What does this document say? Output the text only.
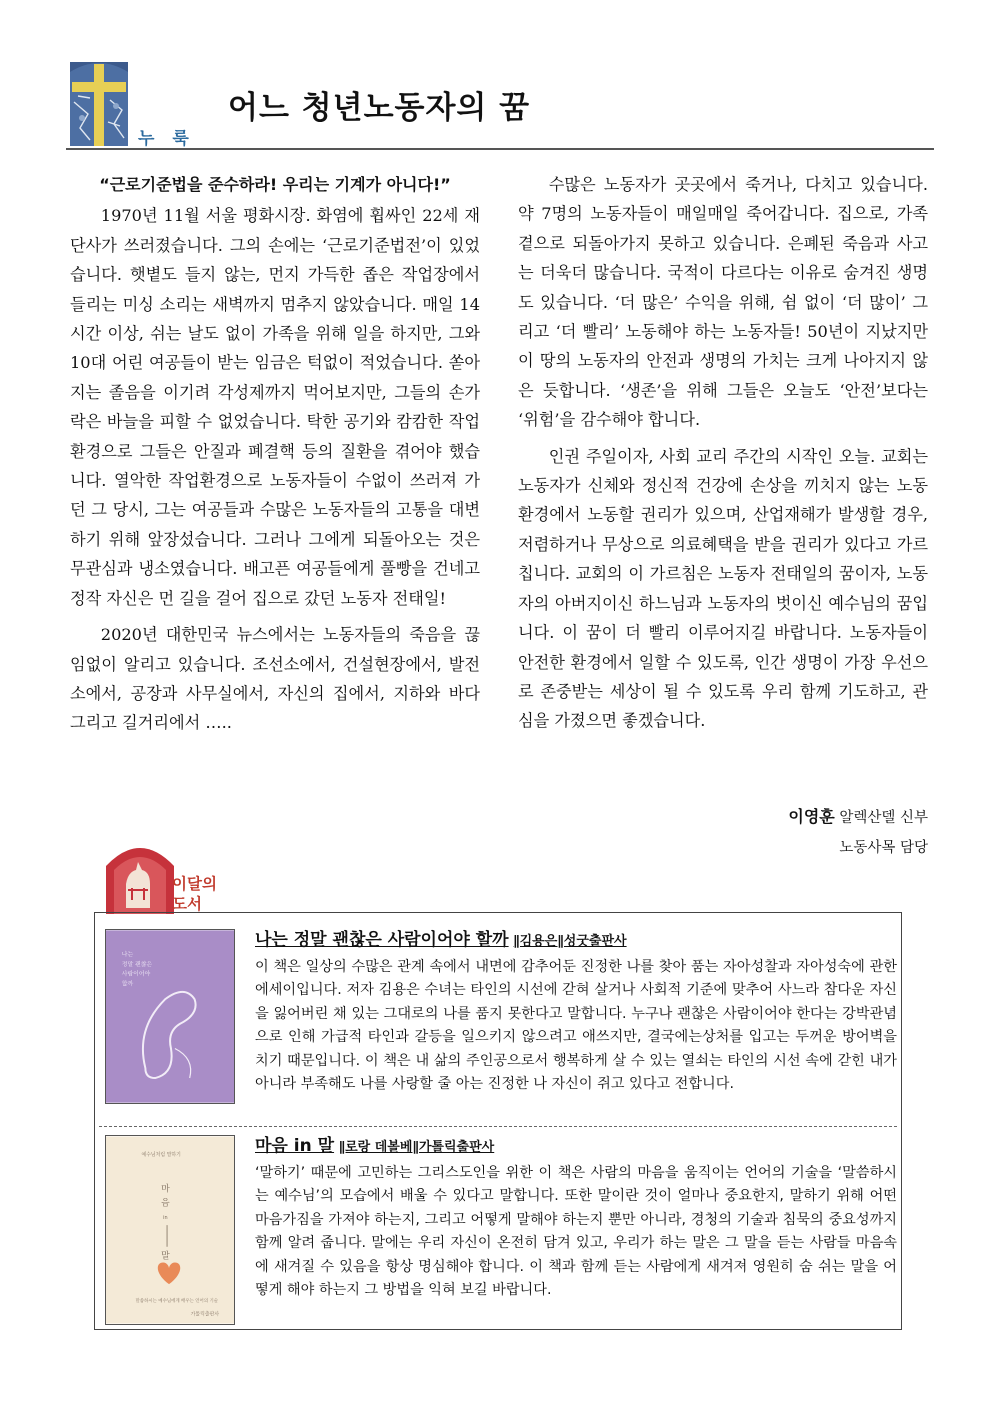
누 룩
어느 청년노동자의 꿈
“근로기준법을 준수하라! 우리는 기계가 아니다!”

1970년 11월 서울 평화시장. 화염에 휩싸인 22세 재단사가 쓰러졌습니다. 그의 손에는 ‘근로기준법전’이 있었습니다. 햇볕도 들지 않는, 먼지 가득한 좁은 작업장에서 들리는 미싱 소리는 새벽까지 멈추지 않았습니다. 매일 14시간 이상, 쉬는 날도 없이 가족을 위해 일을 하지만, 그와 10대 어린 여공들이 받는 임금은 턱없이 적었습니다. 쏟아지는 졸음을 이기려 각성제까지 먹어보지만, 그들의 손가락은 바늘을 피할 수 없었습니다. 탁한 공기와 캄캄한 작업 환경으로 그들은 안질과 폐결핵 등의 질환을 겪어야 했습니다. 열악한 작업환경으로 노동자들이 수없이 쓰러져 가던 그 당시, 그는 여공들과 수많은 노동자들의 고통을 대변하기 위해 앞장섰습니다. 그러나 그에게 되돌아오는 것은 무관심과 냉소였습니다. 배고픈 여공들에게 풀빵을 건네고 정작 자신은 먼 길을 걸어 집으로 갔던 노동자 전태일!

2020년 대한민국 뉴스에서는 노동자들의 죽음을 끊임없이 알리고 있습니다. 조선소에서, 건설현장에서, 발전소에서, 공장과 사무실에서, 자신의 집에서, 지하와 바다 그리고 길거리에서 …..

수많은 노동자가 곳곳에서 죽거나, 다치고 있습니다. 약 7명의 노동자들이 매일매일 죽어갑니다. 집으로, 가족 곁으로 되돌아가지 못하고 있습니다. 은폐된 죽음과 사고는 더욱더 많습니다. 국적이 다르다는 이유로 숨겨진 생명도 있습니다. ‘더 많은’ 수익을 위해, 쉼 없이 ‘더 많이’ 그리고 ‘더 빨리’ 노동해야 하는 노동자들! 50년이 지났지만 이 땅의 노동자의 안전과 생명의 가치는 크게 나아지지 않은 듯합니다. ‘생존’을 위해 그들은 오늘도 ‘안전’보다는 ‘위험’을 감수해야 합니다.

인권 주일이자, 사회 교리 주간의 시작인 오늘. 교회는 노동자가 신체와 정신적 건강에 손상을 끼치지 않는 노동 환경에서 노동할 권리가 있으며, 산업재해가 발생할 경우, 저렴하거나 무상으로 의료혜택을 받을 권리가 있다고 가르칩니다. 교회의 이 가르침은 노동자 전태일의 꿈이자, 노동자의 아버지이신 하느님과 노동자의 벗이신 예수님의 꿈입니다. 이 꿈이 더 빨리 이루어지길 바랍니다. 노동자들이 안전한 환경에서 일할 수 있도록, 인간 생명이 가장 우선으로 존중받는 세상이 될 수 있도록 우리 함께 기도하고, 관심을 가졌으면 좋겠습니다.

이영훈 알렉산델 신부
노동사목 담당
이달의
도서
나는
정말 괜찮은
사람이어야
할까
나는 정말 괜찮은 사람이어야 할까 ∥김용은∥성굿출판사
이 책은 일상의 수많은 관계 속에서 내면에 감추어둔 진정한 나를 찾아 품는 자아성찰과 자아성숙에 관한 에세이입니다. 저자 김용은 수녀는 타인의 시선에 갇혀 살거나 사회적 기준에 맞추어 사느라 참다운 자신을 잃어버린 채 있는 그대로의 나를 품지 못한다고 말합니다. 누구나 괜찮은 사람이어야 한다는 강박관념으로 인해 가급적 타인과 갈등을 일으키지 않으려고 애쓰지만, 결국에는상처를 입고는 두꺼운 방어벽을 치기 때문입니다. 이 책은 내 삶의 주인공으로서 행복하게 살 수 있는 열쇠는 타인의 시선 속에 갇힌 내가 아니라 부족해도 나를 사랑할 줄 아는 진정한 나 자신이 쥐고 있다고 전합니다.
예수님처럼 말하기
마
음
in
말
말씀하시는 예수님에게 배우는 언어의 기술
가톨릭출판사
마음 in 말 ∥로랑 데볼베∥가톨릭출판사
‘말하기’ 때문에 고민하는 그리스도인을 위한 이 책은 사람의 마음을 움직이는 언어의 기술을 ‘말씀하시는 예수님’의 모습에서 배울 수 있다고 말합니다. 또한 말이란 것이 얼마나 중요한지, 말하기 위해 어떤 마음가짐을 가져야 하는지, 그리고 어떻게 말해야 하는지 뿐만 아니라, 경청의 기술과 침묵의 중요성까지 함께 알려 줍니다. 말에는 우리 자신이 온전히 담겨 있고, 우리가 하는 말은 그 말을 듣는 사람들 마음속에 새겨질 수 있음을 항상 명심해야 합니다. 이 책과 함께 듣는 사람에게 새겨져 영원히 숨 쉬는 말을 어떻게 해야 하는지 그 방법을 익혀 보길 바랍니다.
